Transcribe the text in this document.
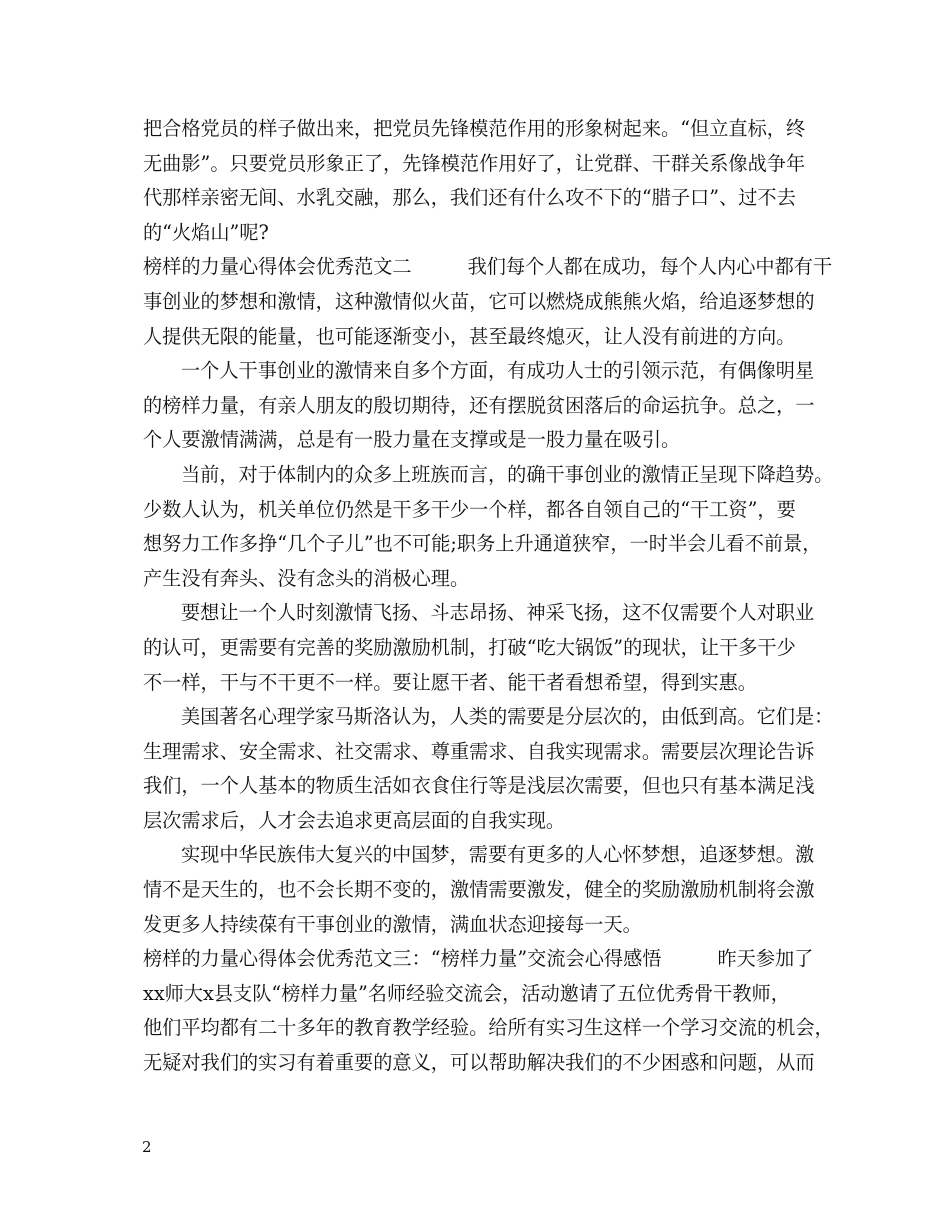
把合格党员的样子做出来，把党员先锋模范作用的形象树起来。“但立直标，终
无曲影”。只要党员形象正了，先锋模范作用好了，让党群、干群关系像战争年
代那样亲密无间、水乳交融，那么，我们还有什么攻不下的“腊子口”、过不去
的“火焰山”呢?
榜样的力量心得体会优秀范文二	我们每个人都在成功，每个人内心中都有干
事创业的梦想和激情，这种激情似火苗，它可以燃烧成熊熊火焰，给追逐梦想的
人提供无限的能量，也可能逐渐变小，甚至最终熄灭，让人没有前进的方向。
一个人干事创业的激情来自多个方面，有成功人士的引领示范，有偶像明星
的榜样力量，有亲人朋友的殷切期待，还有摆脱贫困落后的命运抗争。总之，一
个人要激情满满，总是有一股力量在支撑或是一股力量在吸引。
当前，对于体制内的众多上班族而言，的确干事创业的激情正呈现下降趋势。
少数人认为，机关单位仍然是干多干少一个样，都各自领自己的“干工资”，要
想努力工作多挣“几个子儿”也不可能;职务上升通道狭窄，一时半会儿看不前景，
产生没有奔头、没有念头的消极心理。
要想让一个人时刻激情飞扬、斗志昂扬、神采飞扬，这不仅需要个人对职业
的认可，更需要有完善的奖励激励机制，打破“吃大锅饭”的现状，让干多干少
不一样，干与不干更不一样。要让愿干者、能干者看想希望，得到实惠。
美国著名心理学家马斯洛认为，人类的需要是分层次的，由低到高。它们是：
生理需求、安全需求、社交需求、尊重需求、自我实现需求。需要层次理论告诉
我们，一个人基本的物质生活如衣食住行等是浅层次需要，但也只有基本满足浅
层次需求后，人才会去追求更高层面的自我实现。
实现中华民族伟大复兴的中国梦，需要有更多的人心怀梦想，追逐梦想。激
情不是天生的，也不会长期不变的，激情需要激发，健全的奖励激励机制将会激
发更多人持续葆有干事创业的激情，满血状态迎接每一天。
榜样的力量心得体会优秀范文三：“榜样力量”交流会心得感悟	昨天参加了
xx师大x县支队“榜样力量”名师经验交流会，活动邀请了五位优秀骨干教师，
他们平均都有二十多年的教育教学经验。给所有实习生这样一个学习交流的机会，
无疑对我们的实习有着重要的意义，可以帮助解决我们的不少困惑和问题，从而
2
